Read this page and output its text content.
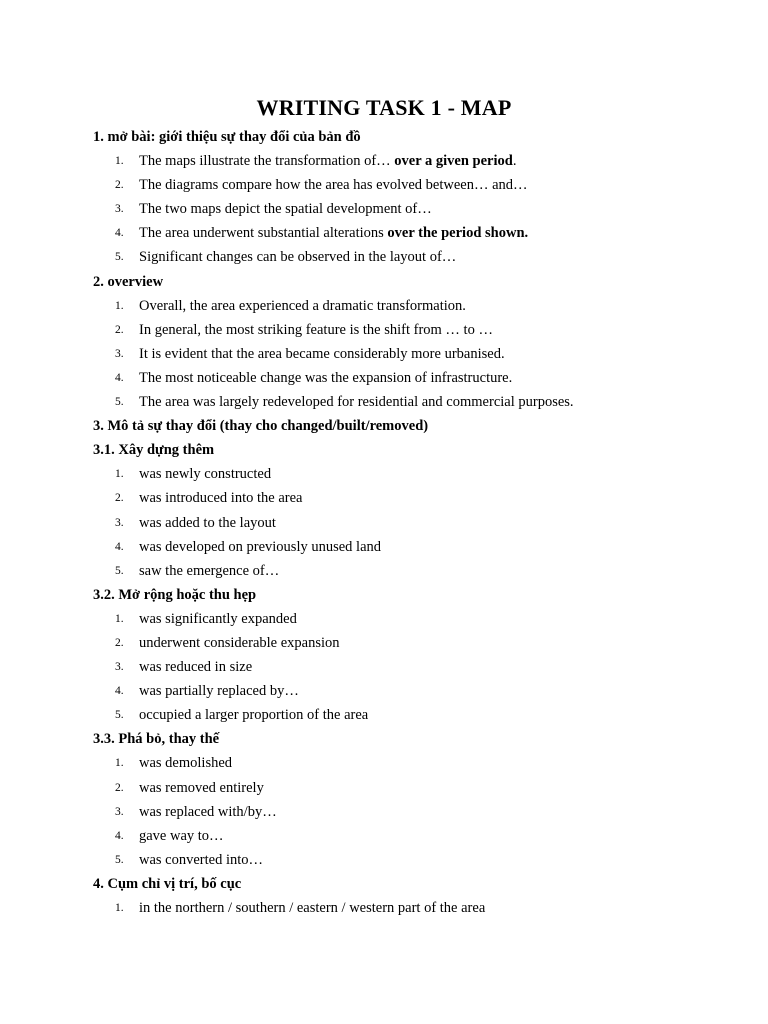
WRITING TASK 1 - MAP
1. mở bài: giới thiệu sự thay đổi của bản đồ
1. The maps illustrate the transformation of… over a given period.
2. The diagrams compare how the area has evolved between… and…
3. The two maps depict the spatial development of…
4. The area underwent substantial alterations over the period shown.
5. Significant changes can be observed in the layout of…
2. overview
1. Overall, the area experienced a dramatic transformation.
2. In general, the most striking feature is the shift from … to …
3. It is evident that the area became considerably more urbanised.
4. The most noticeable change was the expansion of infrastructure.
5. The area was largely redeveloped for residential and commercial purposes.
3. Mô tả sự thay đổi (thay cho changed/built/removed)
3.1. Xây dựng thêm
1. was newly constructed
2. was introduced into the area
3. was added to the layout
4. was developed on previously unused land
5. saw the emergence of…
3.2. Mở rộng hoặc thu hẹp
1. was significantly expanded
2. underwent considerable expansion
3. was reduced in size
4. was partially replaced by…
5. occupied a larger proportion of the area
3.3. Phá bỏ, thay thế
1. was demolished
2. was removed entirely
3. was replaced with/by…
4. gave way to…
5. was converted into…
4. Cụm chỉ vị trí, bố cục
1. in the northern / southern / eastern / western part of the area
